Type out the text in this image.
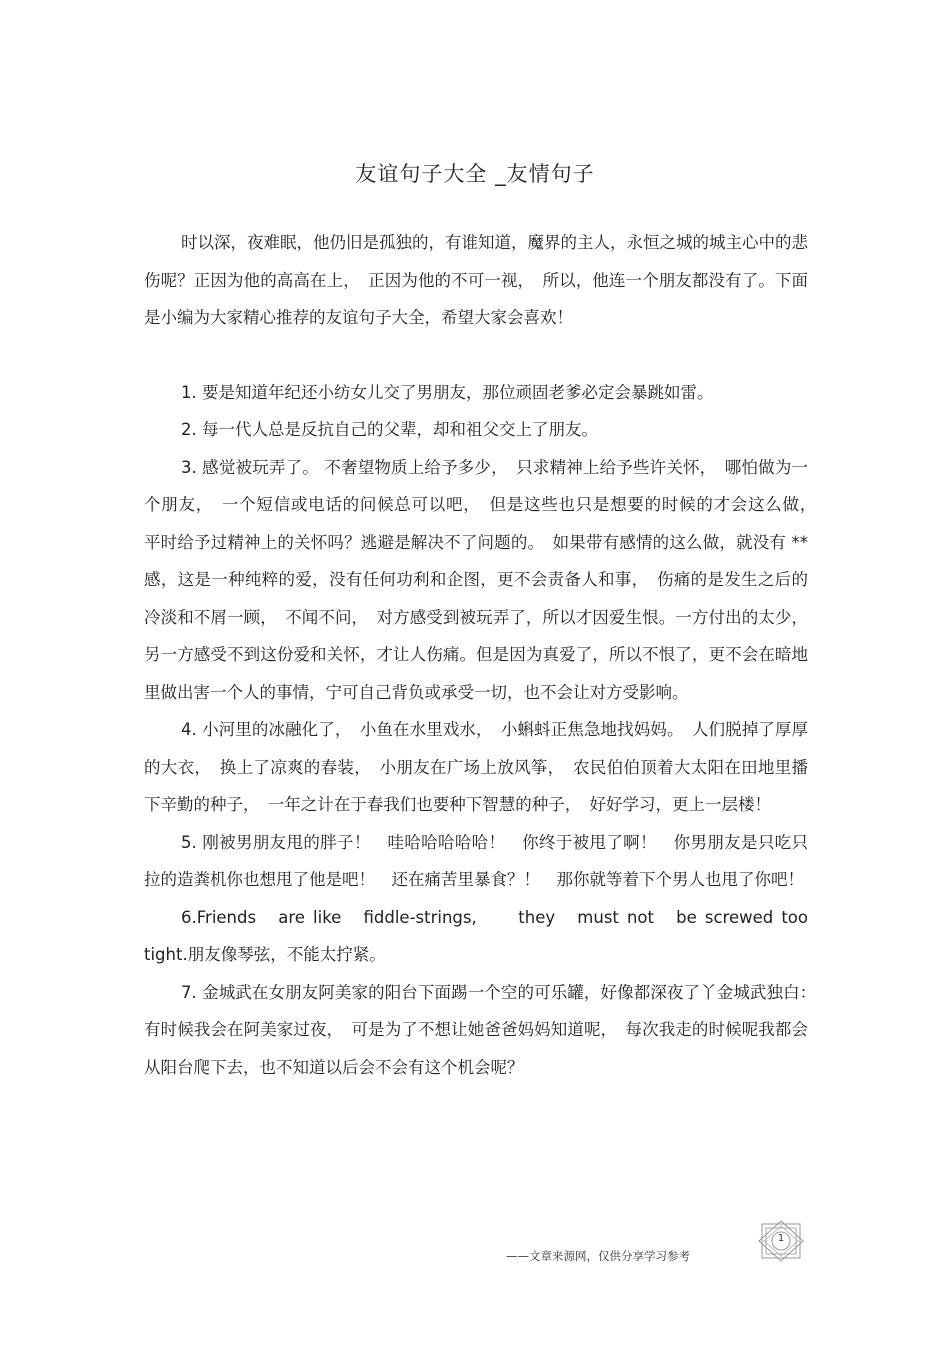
友谊句子大全 _友情句子

时以深，夜难眠，他仍旧是孤独的，有谁知道，魔界的主人，永恒之城的城主心中的悲伤呢？正因为他的高高在上，　正因为他的不可一视，　所以，他连一个朋友都没有了。下面是小编为大家精心推荐的友谊句子大全，希望大家会喜欢！

1. 要是知道年纪还小纺女儿交了男朋友，那位顽固老爹必定会暴跳如雷。

2. 每一代人总是反抗自己的父辈，却和祖父交上了朋友。

3. 感觉被玩弄了。 不奢望物质上给予多少，　只求精神上给予些许关怀，　哪怕做为一个朋友，　一个短信或电话的问候总可以吧，　但是这些也只是想要的时候的才会这么做，　平时给予过精神上的关怀吗？逃避是解决不了问题的。　如果带有感情的这么做，就没有 ** 感，这是一种纯粹的爱，没有任何功利和企图，更不会责备人和事，　伤痛的是发生之后的冷淡和不屑一顾，　不闻不问，　对方感受到被玩弄了，所以才因爱生恨。一方付出的太少，另一方感受不到这份爱和关怀，才让人伤痛。但是因为真爱了，所以不恨了，更不会在暗地里做出害一个人的事情，宁可自己背负或承受一切，也不会让对方受影响。

4. 小河里的冰融化了，　小鱼在水里戏水，　小蝌蚪正焦急地找妈妈。　人们脱掉了厚厚的大衣，　换上了凉爽的春装，　小朋友在广场上放风筝，　农民伯伯顶着大太阳在田地里播下辛勤的种子，　一年之计在于春我们也要种下智慧的种子，　好好学习，更上一层楼！

5. 刚被男朋友甩的胖子！　哇哈哈哈哈哈！　你终于被甩了啊！　你男朋友是只吃只拉的造粪机你也想甩了他是吧！　还在痛苦里暴食？！　那你就等着下个男人也甩了你吧！

6.Friends　are like　fiddle-strings,　　they　must not　be screwed too　tight.朋友像琴弦，不能太拧紧。

7. 金城武在女朋友阿美家的阳台下面踢一个空的可乐罐，好像都深夜了丫金城武独白：　有时候我会在阿美家过夜，　可是为了不想让她爸爸妈妈知道呢，　每次我走的时候呢我都会从阳台爬下去，也不知道以后会不会有这个机会呢？

——文章来源网，仅供分享学习参考
1
